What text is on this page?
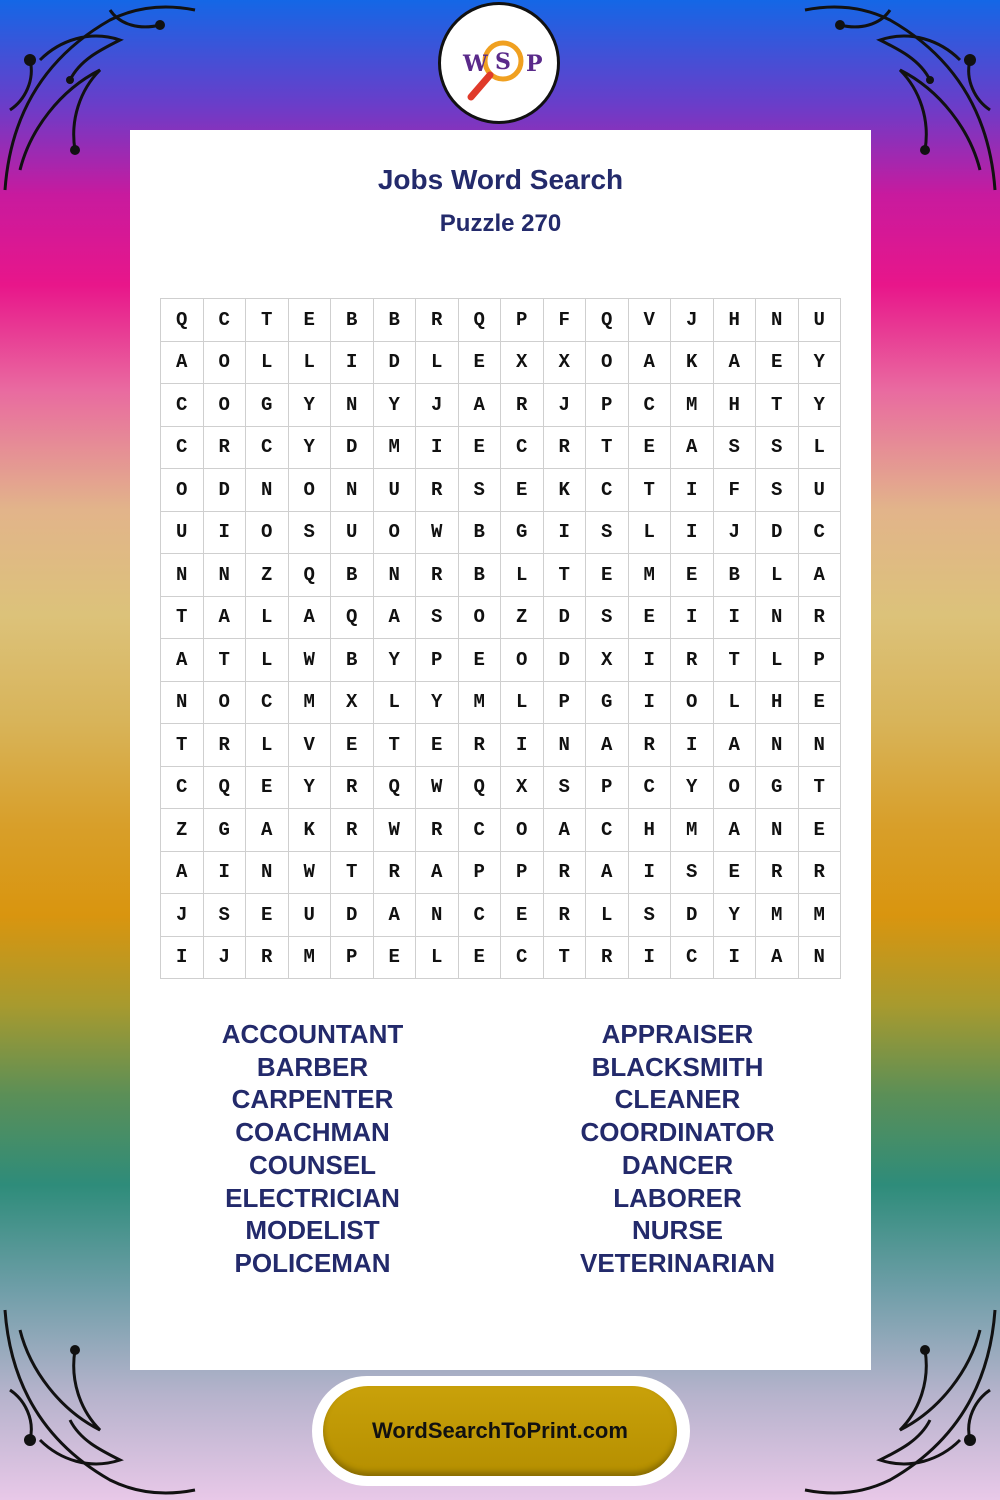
W S P
Jobs Word Search
Puzzle 270
Q	C	T	E	B	B	R	Q	P	F	Q	V	J	H	N	U
A	O	L	L	I	D	L	E	X	X	O	A	K	A	E	Y
C	O	G	Y	N	Y	J	A	R	J	P	C	M	H	T	Y
C	R	C	Y	D	M	I	E	C	R	T	E	A	S	S	L
O	D	N	O	N	U	R	S	E	K	C	T	I	F	S	U
U	I	O	S	U	O	W	B	G	I	S	L	I	J	D	C
N	N	Z	Q	B	N	R	B	L	T	E	M	E	B	L	A
T	A	L	A	Q	A	S	O	Z	D	S	E	I	I	N	R
A	T	L	W	B	Y	P	E	O	D	X	I	R	T	L	P
N	O	C	M	X	L	Y	M	L	P	G	I	O	L	H	E
T	R	L	V	E	T	E	R	I	N	A	R	I	A	N	N
C	Q	E	Y	R	Q	W	Q	X	S	P	C	Y	O	G	T
Z	G	A	K	R	W	R	C	O	A	C	H	M	A	N	E
A	I	N	W	T	R	A	P	P	R	A	I	S	E	R	R
J	S	E	U	D	A	N	C	E	R	L	S	D	Y	M	M
I	J	R	M	P	E	L	E	C	T	R	I	C	I	A	N
ACCOUNTANT
BARBER
CARPENTER
COACHMAN
COUNSEL
ELECTRICIAN
MODELIST
POLICEMAN
APPRAISER
BLACKSMITH
CLEANER
COORDINATOR
DANCER
LABORER
NURSE
VETERINARIAN
WordSearchToPrint.com
